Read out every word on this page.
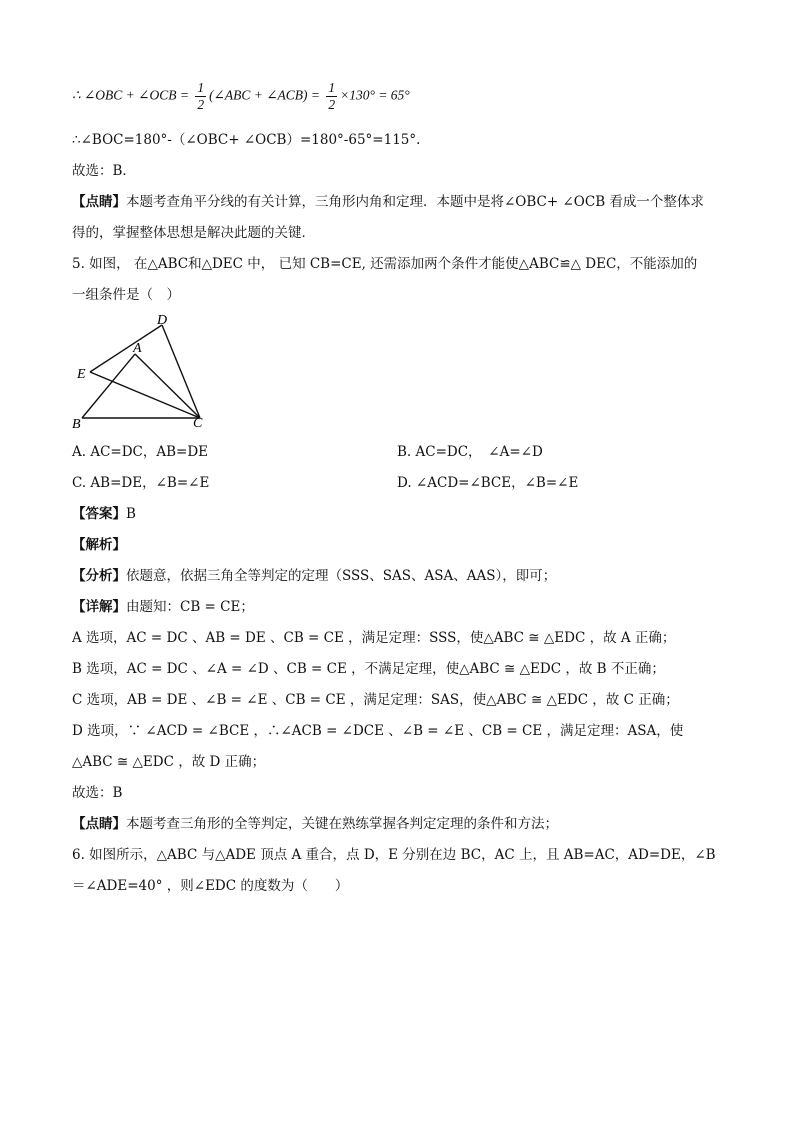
∴ ∠OBC + ∠OCB = $\frac{1}{2}$ (∠ABC + ∠ACB) = $\frac{1}{2} \times 130^\circ = 65^\circ$
∴∠BOC=180°-（∠OBC+ ∠OCB）=180°-65°=115°.
故选：B．
【点睛】本题考查角平分线的有关计算，三角形内角和定理．本题中是将∠OBC+ ∠OCB 看成一个整体求
得的，掌握整体思想是解决此题的关键．
5. 如图， 在△ABC和△DEC 中， 已知 CB=CE, 还需添加两个条件才能使△ABC≌△ DEC，不能添加的
一组条件是（　）
D
A
E
B	C
A. AC=DC，AB=DE	B. AC=DC，　∠A=∠D
C. AB=DE，∠B=∠E	D. ∠ACD=∠BCE，∠B=∠E
【答案】B
【解析】
【分析】依题意，依据三角全等判定的定理（SSS、SAS、ASA、AAS），即可；
【详解】由题知：CB = CE；
A 选项，AC = DC 、AB = DE 、CB = CE ，满足定理：SSS，使△ABC ≅ △EDC ，故 A 正确；
B 选项，AC = DC 、∠A = ∠D 、CB = CE ，不满足定理，使△ABC ≅ △EDC ，故 B 不正确；
C 选项，AB = DE 、∠B = ∠E 、CB = CE ，满足定理：SAS，使△ABC ≅ △EDC ，故 C 正确；
D 选项，∵ ∠ACD = ∠BCE ，∴∠ACB = ∠DCE 、∠B = ∠E 、CB = CE ，满足定理：ASA，使
△ABC ≅ △EDC ，故 D 正确；
故选：B
【点睛】本题考查三角形的全等判定，关键在熟练掌握各判定定理的条件和方法；
6. 如图所示，△ABC 与△ADE 顶点 A 重合，点 D，E 分别在边 BC，AC 上，且 AB=AC，AD=DE，∠B
＝∠ADE=40° ，则∠EDC 的度数为（　　）
